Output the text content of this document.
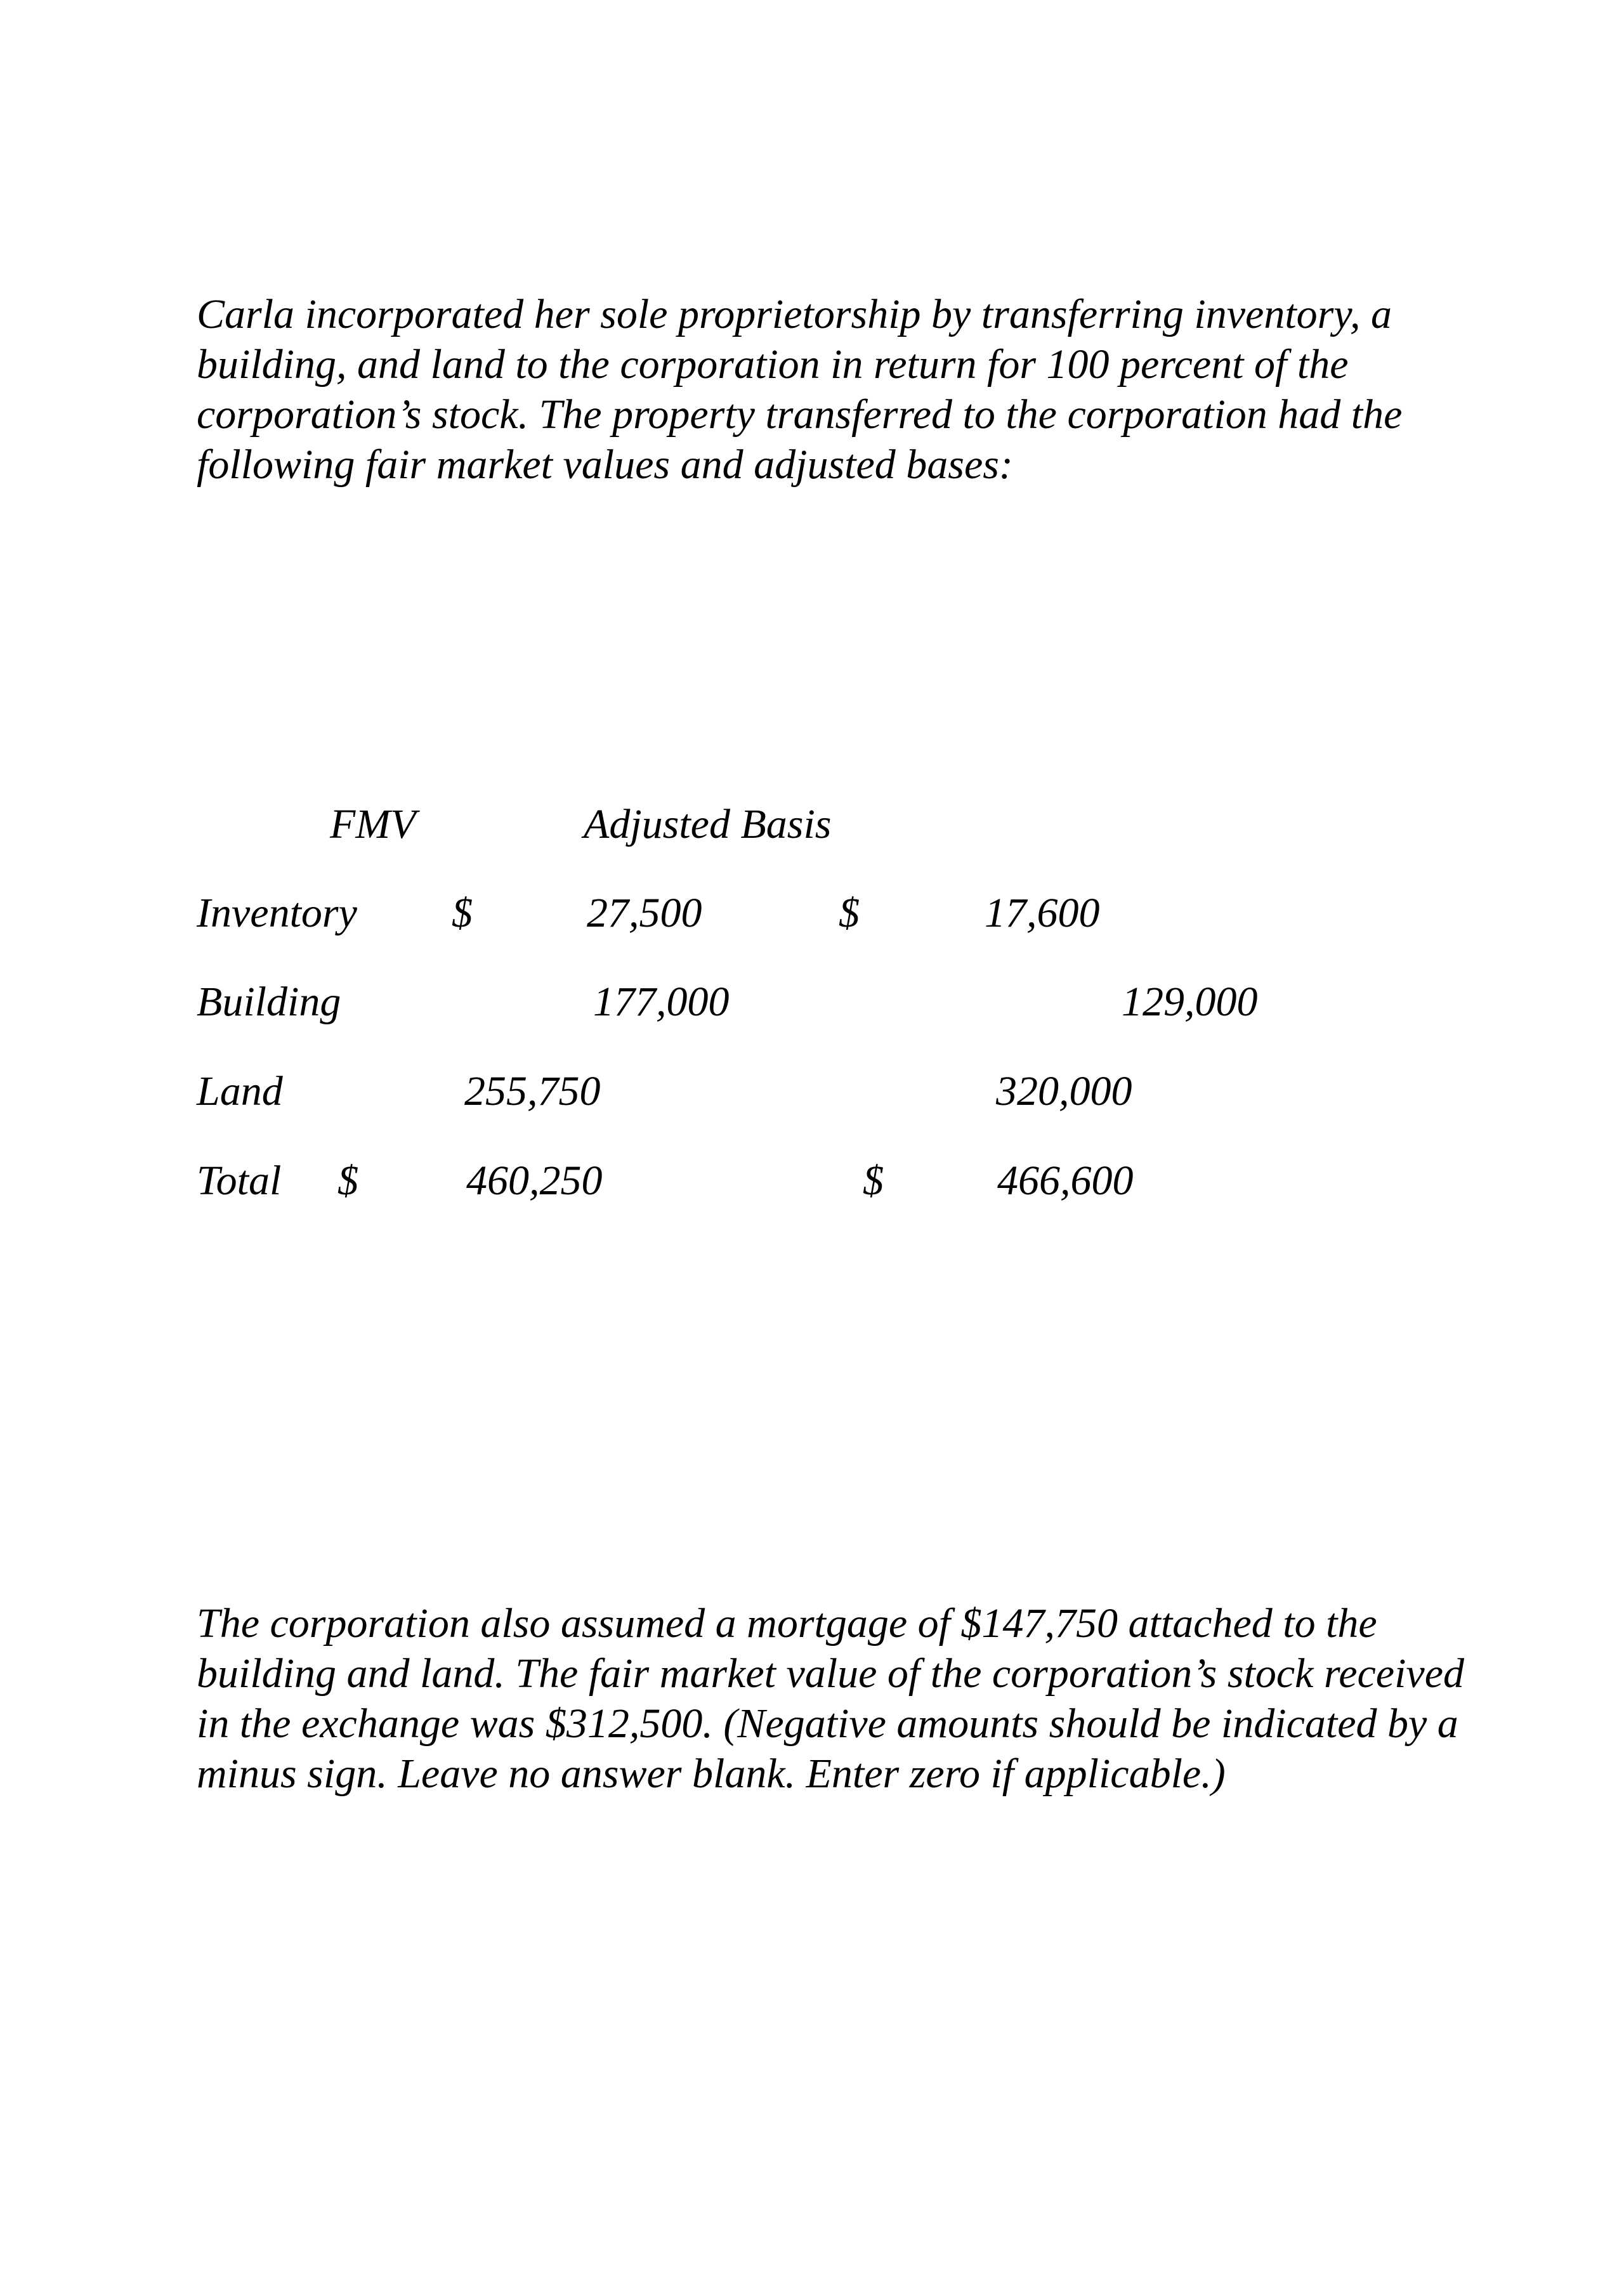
Carla incorporated her sole proprietorship by transferring inventory, a building, and land to the corporation in return for 100 percent of the corporation’s stock. The property transferred to the corporation had the following fair market values and adjusted bases:

FMV	Adjusted Basis
Inventory $	27,500	$	17,600
Building	177,000	129,000
Land	255,750	320,000
Total $	460,250	$	466,600

The corporation also assumed a mortgage of $147,750 attached to the building and land. The fair market value of the corporation’s stock received in the exchange was $312,500. (Negative amounts should be indicated by a minus sign. Leave no answer blank. Enter zero if applicable.)
